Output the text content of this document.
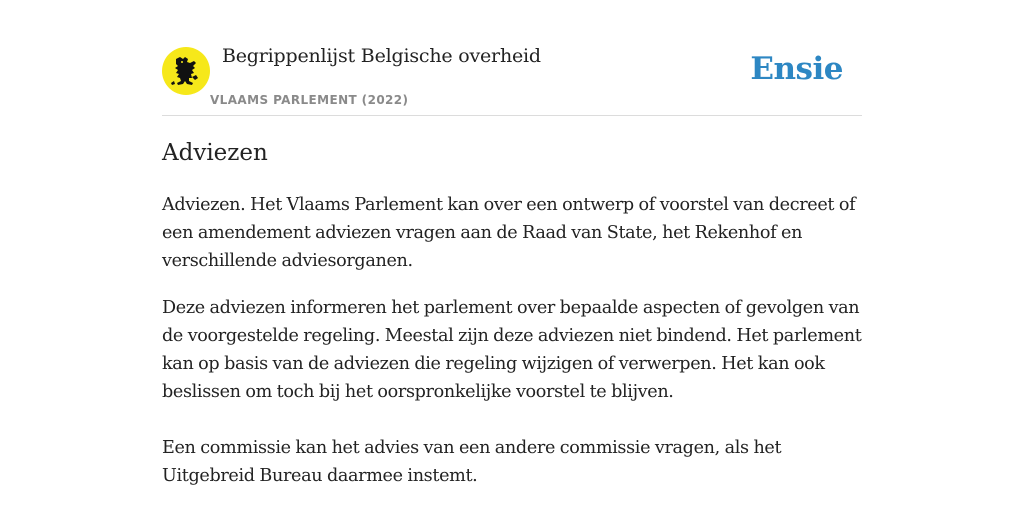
Begrippenlijst Belgische overheid
VLAAMS PARLEMENT (2022)
Ensie
Adviezen

Adviezen. Het Vlaams Parlement kan over een ontwerp of voorstel van decreet of een amendement adviezen vragen aan de Raad van State, het Rekenhof en verschillende adviesorganen.

Deze adviezen informeren het parlement over bepaalde aspecten of gevolgen van de voorgestelde regeling. Meestal zijn deze adviezen niet bindend. Het parlement kan op basis van de adviezen die regeling wijzigen of verwerpen. Het kan ook beslissen om toch bij het oorspronkelijke voorstel te blijven.

Een commissie kan het advies van een andere commissie vragen, als het Uitgebreid Bureau daarmee instemt.
